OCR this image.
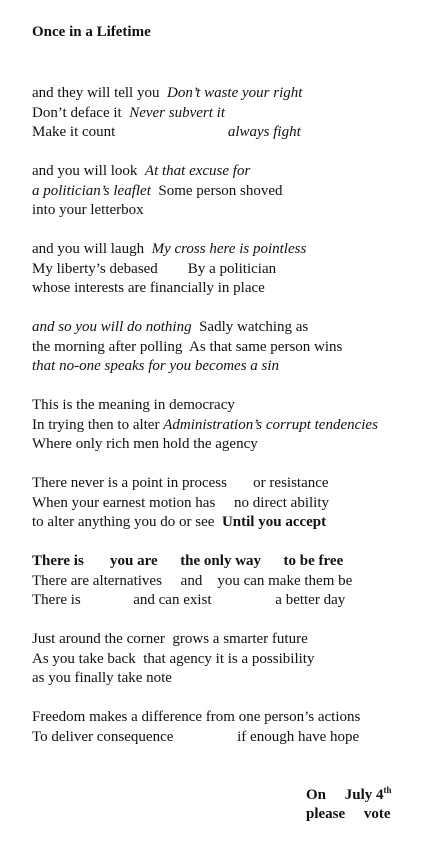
Once in a Lifetime
and they will tell you  Don’t waste your right
Don’t deface it  Never subvert it
Make it count                              always fight
and you will look  At that excuse for
a politician’s leaflet  Some person shoved
into your letterbox
and you will laugh  My cross here is pointless
My liberty’s debased        By a politician
whose interests are financially in place
and so you will do nothing  Sadly watching as
the morning after polling  As that same person wins
that no-one speaks for you becomes a sin
This is the meaning in democracy
In trying then to alter Administration’s corrupt tendencies
Where only rich men hold the agency
There never is a point in process       or resistance
When your earnest motion has     no direct ability
to alter anything you do or see  Until you accept
There is       you are      the only way      to be free
There are alternatives     and    you can make them be
There is              and can exist                 a better day
Just around the corner  grows a smarter future
As you take back  that agency it is a possibility
as you finally take note
Freedom makes a difference from one person’s actions
To deliver consequence                 if enough have hope
On     July 4th
please     vote
